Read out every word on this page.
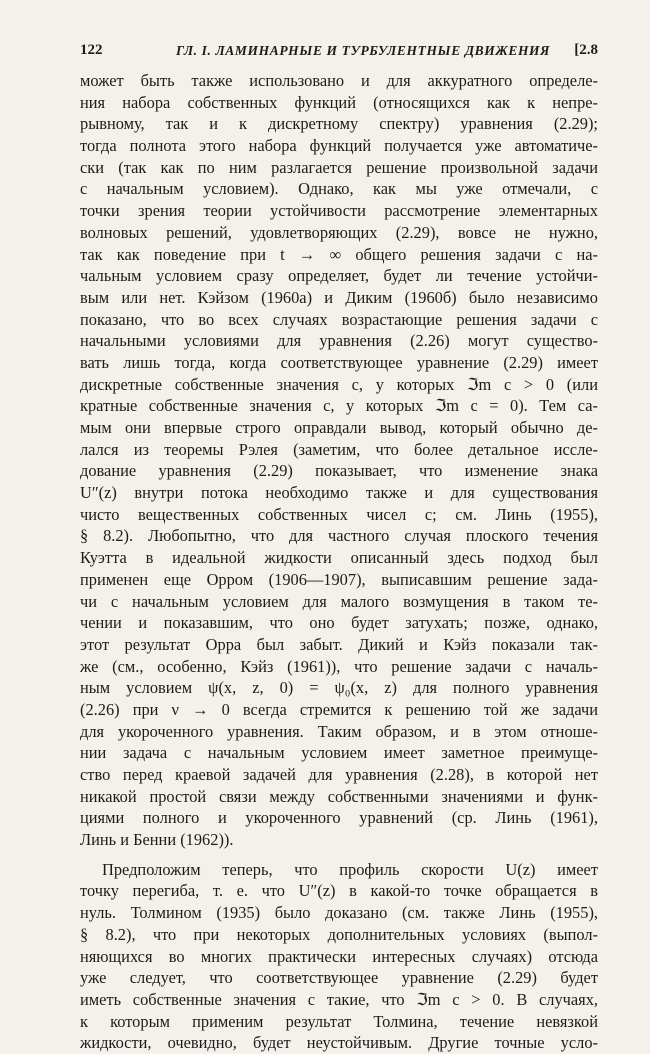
122	ГЛ. I. ЛАМИНАРНЫЕ И ТУРБУЛЕНТНЫЕ ДВИЖЕНИЯ [2.8
может быть также использовано и для аккуратного определе-
ния набора собственных функций (относящихся как к непре-
рывному, так и к дискретному спектру) уравнения (2.29);
тогда полнота этого набора функций получается уже автоматиче-
ски (так как по ним разлагается решение произвольной задачи
с начальным условием). Однако, как мы уже отмечали, с
точки зрения теории устойчивости рассмотрение элементарных
волновых решений, удовлетворяющих (2.29), вовсе не нужно,
так как поведение при t → ∞ общего решения задачи с на-
чальным условием сразу определяет, будет ли течение устойчи-
вым или нет. Кэйзом (1960а) и Диким (1960б) было независимо
показано, что во всех случаях возрастающие решения задачи с
начальными условиями для уравнения (2.26) могут существо-
вать лишь тогда, когда соответствующее уравнение (2.29) имеет
дискретные собственные значения c, у которых ℑm c > 0 (или
кратные собственные значения c, у которых ℑm c = 0). Тем са-
мым они впервые строго оправдали вывод, который обычно де-
лался из теоремы Рэлея (заметим, что более детальное иссле-
дование уравнения (2.29) показывает, что изменение знака
U″(z) внутри потока необходимо также и для существования
чисто вещественных собственных чисел c; см. Линь (1955),
§ 8.2). Любопытно, что для частного случая плоского течения
Куэтта в идеальной жидкости описанный здесь подход был
применен еще Орром (1906—1907), выписавшим решение зада-
чи с начальным условием для малого возмущения в таком те-
чении и показавшим, что оно будет затухать; позже, однако,
этот результат Орра был забыт. Дикий и Кэйз показали так-
же (см., особенно, Кэйз (1961)), что решение задачи с началь-
ным условием ψ(x, z, 0) = ψ₀(x, z) для полного уравнения
(2.26) при ν → 0 всегда стремится к решению той же задачи
для укороченного уравнения. Таким образом, и в этом отноше-
нии задача с начальным условием имеет заметное преимуще-
ство перед краевой задачей для уравнения (2.28), в которой нет
никакой простой связи между собственными значениями и функ-
циями полного и укороченного уравнений (ср. Линь (1961),
Линь и Бенни (1962)).
Предположим теперь, что профиль скорости U(z) имеет
точку перегиба, т. е. что U″(z) в какой-то точке обращается в
нуль. Толмином (1935) было доказано (см. также Линь (1955),
§ 8.2), что при некоторых дополнительных условиях (выпол-
няющихся во многих практически интересных случаях) отсюда
уже следует, что соответствующее уравнение (2.29) будет
иметь собственные значения c такие, что ℑm c > 0. В случаях,
к которым применим результат Толмина, течение невязкой
жидкости, очевидно, будет неустойчивым. Другие точные усло-
